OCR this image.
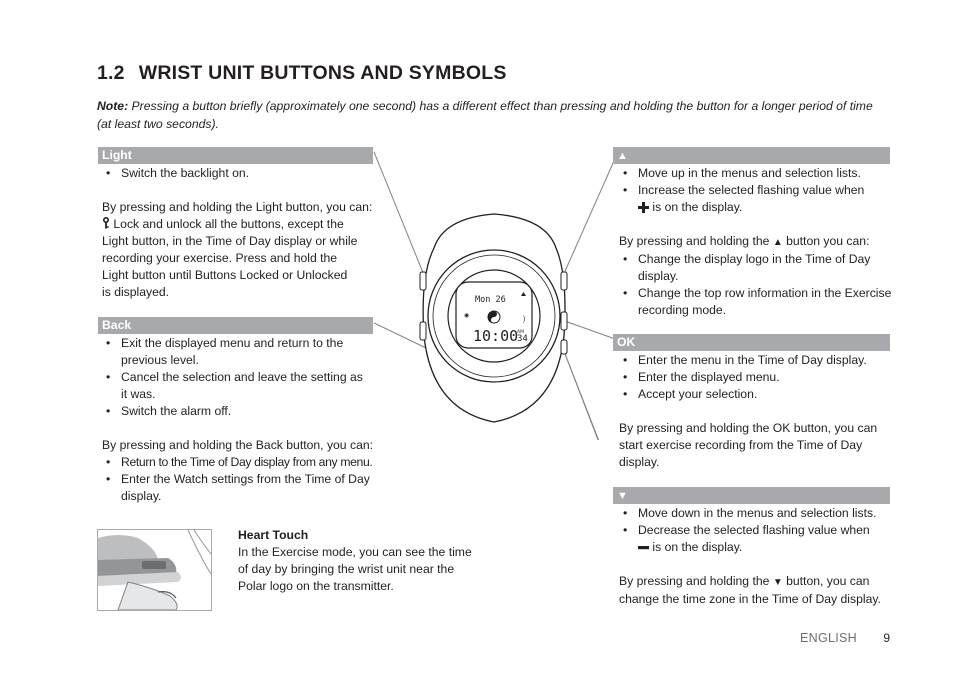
1.2 WRIST UNIT BUTTONS AND SYMBOLS
Note: Pressing a button briefly (approximately one second) has a different effect than pressing and holding the button for a longer period of time (at least two seconds).
Light
• Switch the backlight on.

By pressing and holding the Light button, you can:

Lock and unlock all the buttons, except the

Light button, in the Time of Day display or while

recording your exercise. Press and hold the

Light button until Buttons Locked or Unlocked

is displayed.

Back
• Exit the displayed menu and return to the
previous level.
• Cancel the selection and leave the setting as
it was.
• Switch the alarm off.

By pressing and holding the Back button, you can:

• Return to the Time of Day display from any menu.
• Enter the Watch settings from the Time of Day
display.

Heart Touch

In the Exercise mode, you can see the time

of day by bringing the wrist unit near the

Polar logo on the transmitter.

Mon 26
◉	)
10:00
AM
34
▲
• Move up in the menus and selection lists.
• Increase the selected flashing value when
is on the display.

By pressing and holding the ▲ button you can:

• Change the display logo in the Time of Day
display.
• Change the top row information in the Exercise
recording mode.
OK
• Enter the menu in the Time of Day display.
• Enter the displayed menu.
• Accept your selection.

By pressing and holding the OK button, you can

start exercise recording from the Time of Day

display.

▼
• Move down in the menus and selection lists.
• Decrease the selected flashing value when
is on the display.

By pressing and holding the ▼ button, you can

change the time zone in the Time of Day display.

ENGLISH 9
